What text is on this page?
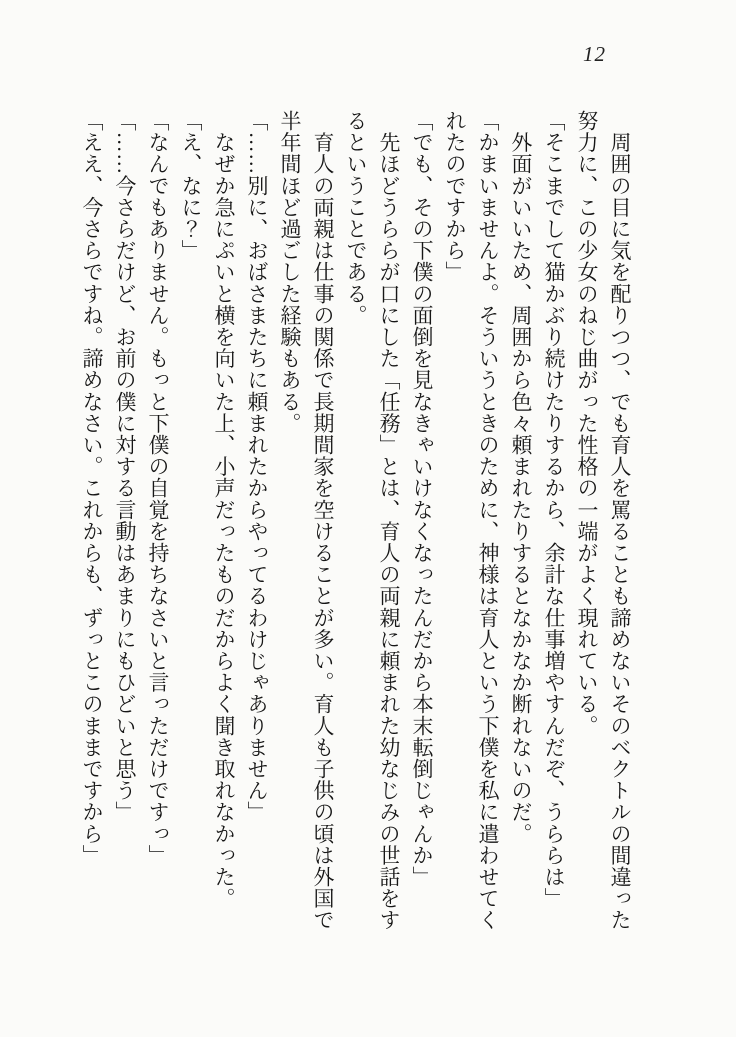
12

　周囲の目に気を配りつつ、でも育人を罵ることも諦めないそのベクトルの間違った

努力に、この少女のねじ曲がった性格の一端がよく現れている。

「そこまでして猫かぶり続けたりするから、余計な仕事増やすんだぞ、うららは」

　外面がいいため、周囲から色々頼まれたりするとなかなか断れないのだ。

「かまいませんよ。そういうときのために、神様は育人という下僕を私に遣わせてく

れたのですから」

「でも、その下僕の面倒を見なきゃいけなくなったんだから本末転倒じゃんか」

　先ほどうららが口にした「任務」とは、育人の両親に頼まれた幼なじみの世話をす

るということである。

　育人の両親は仕事の関係で長期間家を空けることが多い。育人も子供の頃は外国で

半年間ほど過ごした経験もある。

「……別に、おばさまたちに頼まれたからやってるわけじゃありません」

　なぜか急にぷいと横を向いた上、小声だったものだからよく聞き取れなかった。

「え、なに？」

「なんでもありません。もっと下僕の自覚を持ちなさいと言っただけですっ」

「……今さらだけど、お前の僕に対する言動はあまりにもひどいと思う」

「ええ、今さらですね。諦めなさい。これからも、ずっとこのままですから」
